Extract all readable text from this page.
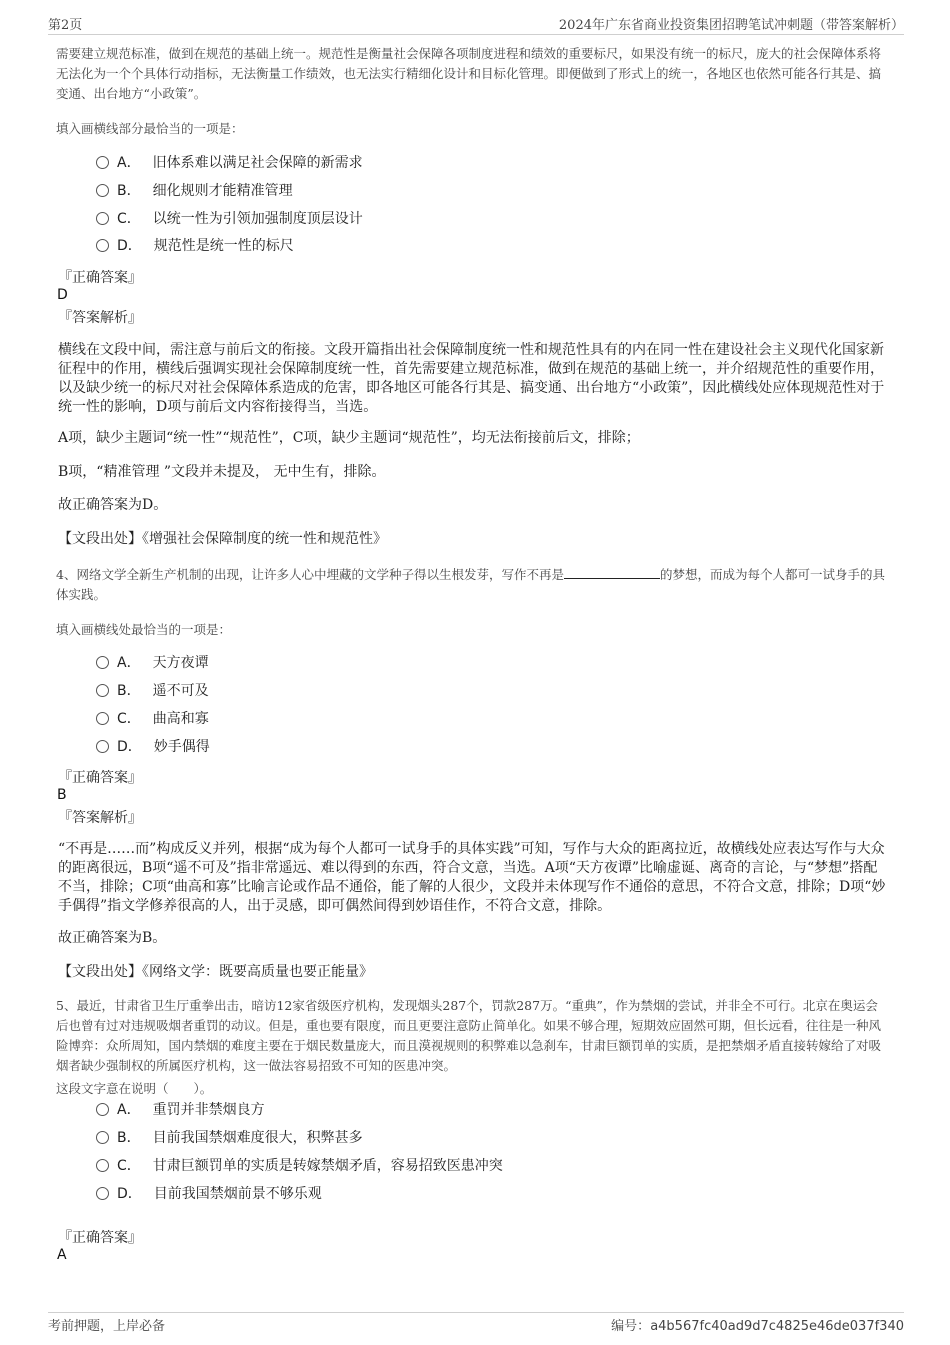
第2页	2024年广东省商业投资集团招聘笔试冲刺题（带答案解析）

需要建立规范标准，做到在规范的基础上统一。规范性是衡量社会保障各项制度进程和绩效的重要标尺，如果没有统一的标尺，庞大的社会保障体系将无法化为一个个具体行动指标，无法衡量工作绩效，也无法实行精细化设计和目标化管理。即便做到了形式上的统一，各地区也依然可能各行其是、搞变通、出台地方“小政策”。

填入画横线部分最恰当的一项是：

A． 旧体系难以满足社会保障的新需求
B． 细化规则才能精准管理
C． 以统一性为引领加强制度顶层设计
D． 规范性是统一性的标尺
『正确答案』
D
『答案解析』

横线在文段中间，需注意与前后文的衔接。文段开篇指出社会保障制度统一性和规范性具有的内在同一性在建设社会主义现代化国家新征程中的作用，横线后强调实现社会保障制度统一性，首先需要建立规范标准，做到在规范的基础上统一，并介绍规范性的重要作用，以及缺少统一的标尺对社会保障体系造成的危害，即各地区可能各行其是、搞变通、出台地方“小政策”，因此横线处应体现规范性对于统一性的影响，D项与前后文内容衔接得当，当选。

A项，缺少主题词“统一性”“规范性”，C项，缺少主题词“规范性”，均无法衔接前后文，排除；

B项，“精准管理 ”文段并未提及， 无中生有，排除。

故正确答案为D。

【文段出处】《增强社会保障制度的统一性和规范性》

4、网络文学全新生产机制的出现，让许多人心中埋藏的文学种子得以生根发芽，写作不再是	的梦想，而成为每个人都可一试身手的具体实践。

填入画横线处最恰当的一项是：

A． 天方夜谭
B． 遥不可及
C． 曲高和寡
D． 妙手偶得
『正确答案』
B
『答案解析』

“不再是……而”构成反义并列，根据“成为每个人都可一试身手的具体实践”可知，写作与大众的距离拉近，故横线处应表达写作与大众的距离很远，B项“遥不可及”指非常遥远、难以得到的东西，符合文意，当选。A项“天方夜谭”比喻虚诞、离奇的言论，与“梦想”搭配不当，排除；C项“曲高和寡”比喻言论或作品不通俗，能了解的人很少，文段并未体现写作不通俗的意思，不符合文意，排除；D项“妙手偶得”指文学修养很高的人，出于灵感，即可偶然间得到妙语佳作，不符合文意，排除。

故正确答案为B。

【文段出处】《网络文学：既要高质量也要正能量》

5、最近，甘肃省卫生厅重拳出击，暗访12家省级医疗机构，发现烟头287个，罚款287万。“重典”，作为禁烟的尝试，并非全不可行。北京在奥运会后也曾有过对违规吸烟者重罚的动议。但是，重也要有限度，而且更要注意防止简单化。如果不够合理，短期效应固然可期，但长远看，往往是一种风险博弈：众所周知，国内禁烟的难度主要在于烟民数量庞大，而且漠视规则的积弊难以急刹车，甘肃巨额罚单的实质，是把禁烟矛盾直接转嫁给了对吸烟者缺少强制权的所属医疗机构，这一做法容易招致不可知的医患冲突。

这段文字意在说明（　　）。

A． 重罚并非禁烟良方
B． 目前我国禁烟难度很大，积弊甚多
C． 甘肃巨额罚单的实质是转嫁禁烟矛盾，容易招致医患冲突
D． 目前我国禁烟前景不够乐观
『正确答案』
A
考前押题，上岸必备	编号：a4b567fc40ad9d7c4825e46de037f340
